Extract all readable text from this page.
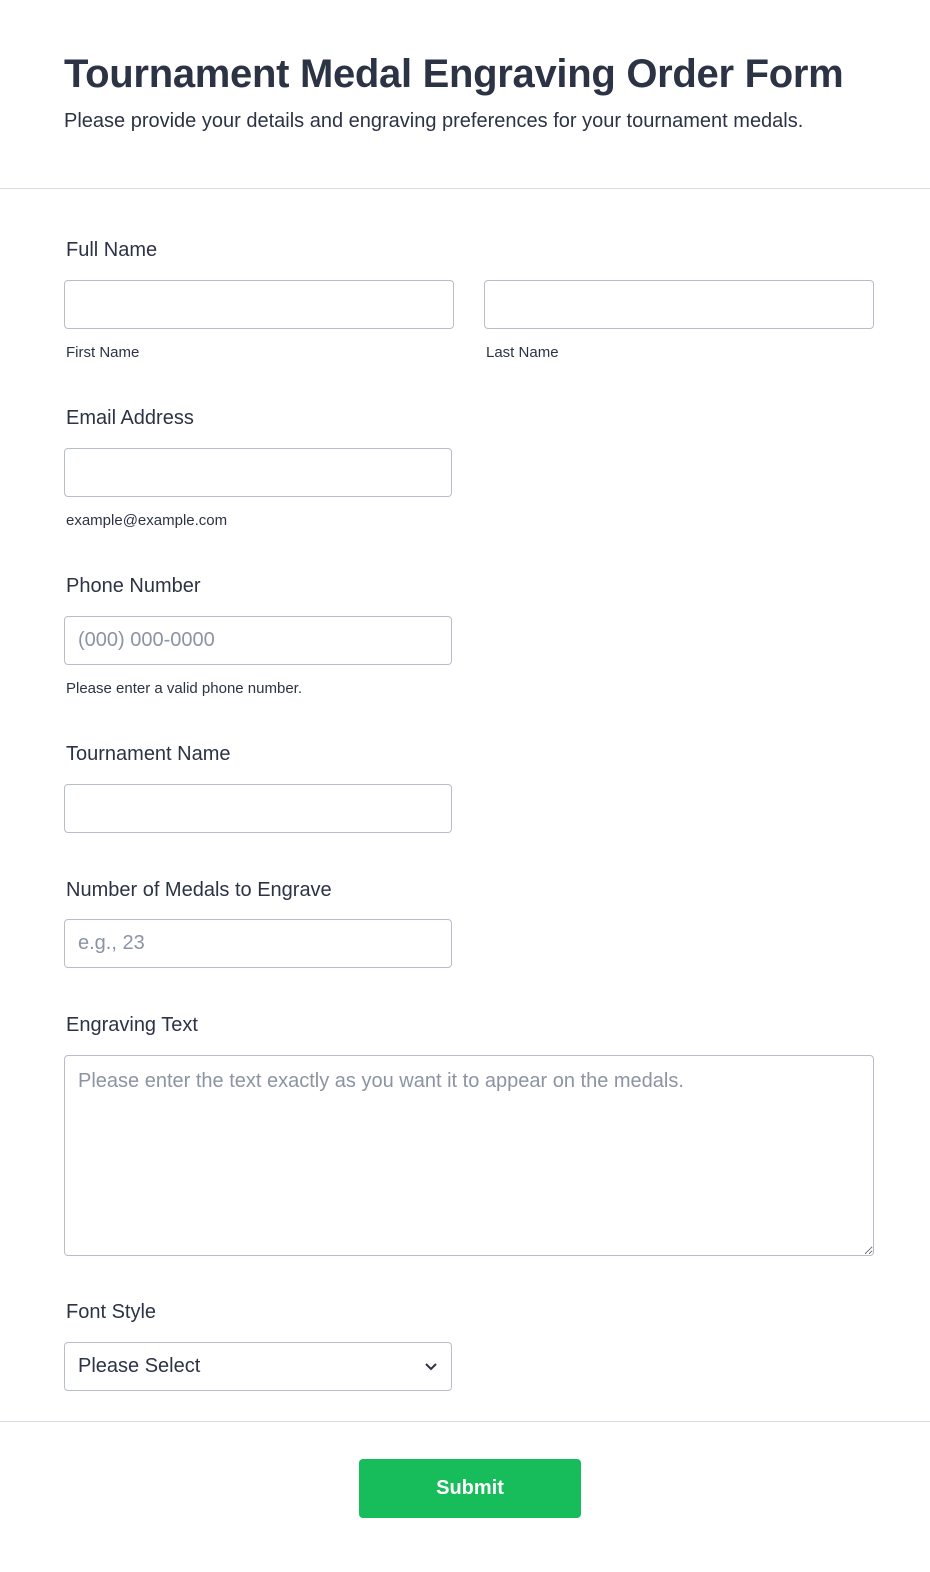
Tournament Medal Engraving Order Form
Please provide your details and engraving preferences for your tournament medals.
Full Name
First Name	Last Name
Email Address
example@example.com
Phone Number
(000) 000-0000
Please enter a valid phone number.
Tournament Name
Number of Medals to Engrave
e.g., 23
Engraving Text
Please enter the text exactly as you want it to appear on the medals.
Font Style
Please Select
Submit
